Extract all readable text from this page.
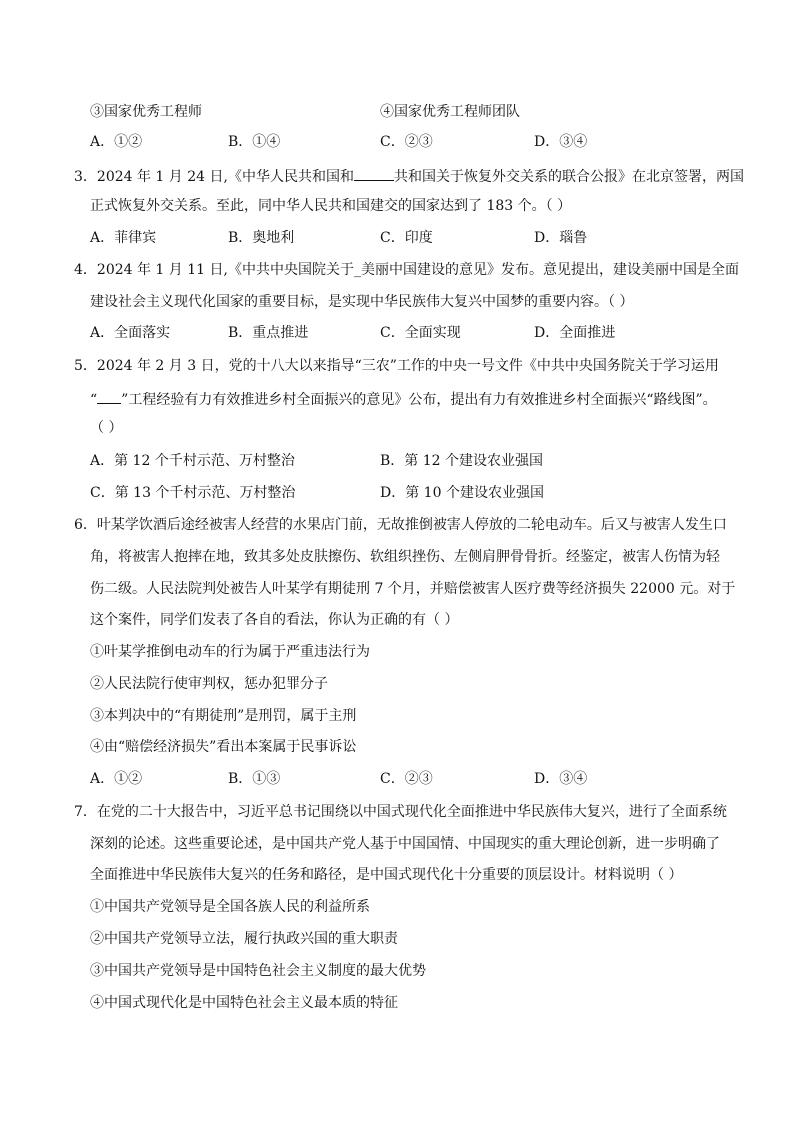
③国家优秀工程师	④国家优秀工程师团队
A．①②	B．①④	C．②③	D．③④
3．2024 年 1 月 24 日,《中华人民共和国和	共和国关于恢复外交关系的联合公报》在北京签署，两国
正式恢复外交关系。至此，同中华人民共和国建交的国家达到了 183 个。（ ）
A．菲律宾	B．奥地利	C．印度	D．瑙鲁
4．2024 年 1 月 11 日,《中共中央国院关于_美丽中国建设的意见》发布。意见提出，建设美丽中国是全面
建设社会主义现代化国家的重要目标，是实现中华民族伟大复兴中国梦的重要内容。（ ）
A．全面落实	B．重点推进	C．全面实现	D．全面推进
5．2024 年 2 月 3 日，党的十八大以来指导“三农”工作的中央一号文件《中共中央国务院关于学习运用
“ ”工程经验有力有效推进乡村全面振兴的意见》公布，提出有力有效推进乡村全面振兴“路线图”。
（ ）
A．第 12 个千村示范、万村整治	B．第 12 个建设农业强国
C．第 13 个千村示范、万村整治	D．第 10 个建设农业强国
6．叶某学饮酒后途经被害人经营的水果店门前，无故推倒被害人停放的二轮电动车。后又与被害人发生口
角，将被害人抱摔在地，致其多处皮肤擦伤、软组织挫伤、左侧肩胛骨骨折。经鉴定，被害人伤情为轻
伤二级。人民法院判处被告人叶某学有期徒刑 7 个月，并赔偿被害人医疗费等经济损失 22000 元。对于
这个案件，同学们发表了各自的看法，你认为正确的有（ ）
①叶某学推倒电动车的行为属于严重违法行为
②人民法院行使审判权，惩办犯罪分子
③本判决中的“有期徒刑”是刑罚，属于主刑
④由“赔偿经济损失”看出本案属于民事诉讼
A．①②	B．①③	C．②③	D．③④
7．在党的二十大报告中，习近平总书记围绕以中国式现代化全面推进中华民族伟大复兴，进行了全面系统
深刻的论述。这些重要论述，是中国共产党人基于中国国情、中国现实的重大理论创新，进一步明确了
全面推进中华民族伟大复兴的任务和路径，是中国式现代化十分重要的顶层设计。材料说明（ ）
①中国共产党领导是全国各族人民的利益所系
②中国共产党领导立法，履行执政兴国的重大职责
③中国共产党领导是中国特色社会主义制度的最大优势
④中国式现代化是中国特色社会主义最本质的特征
